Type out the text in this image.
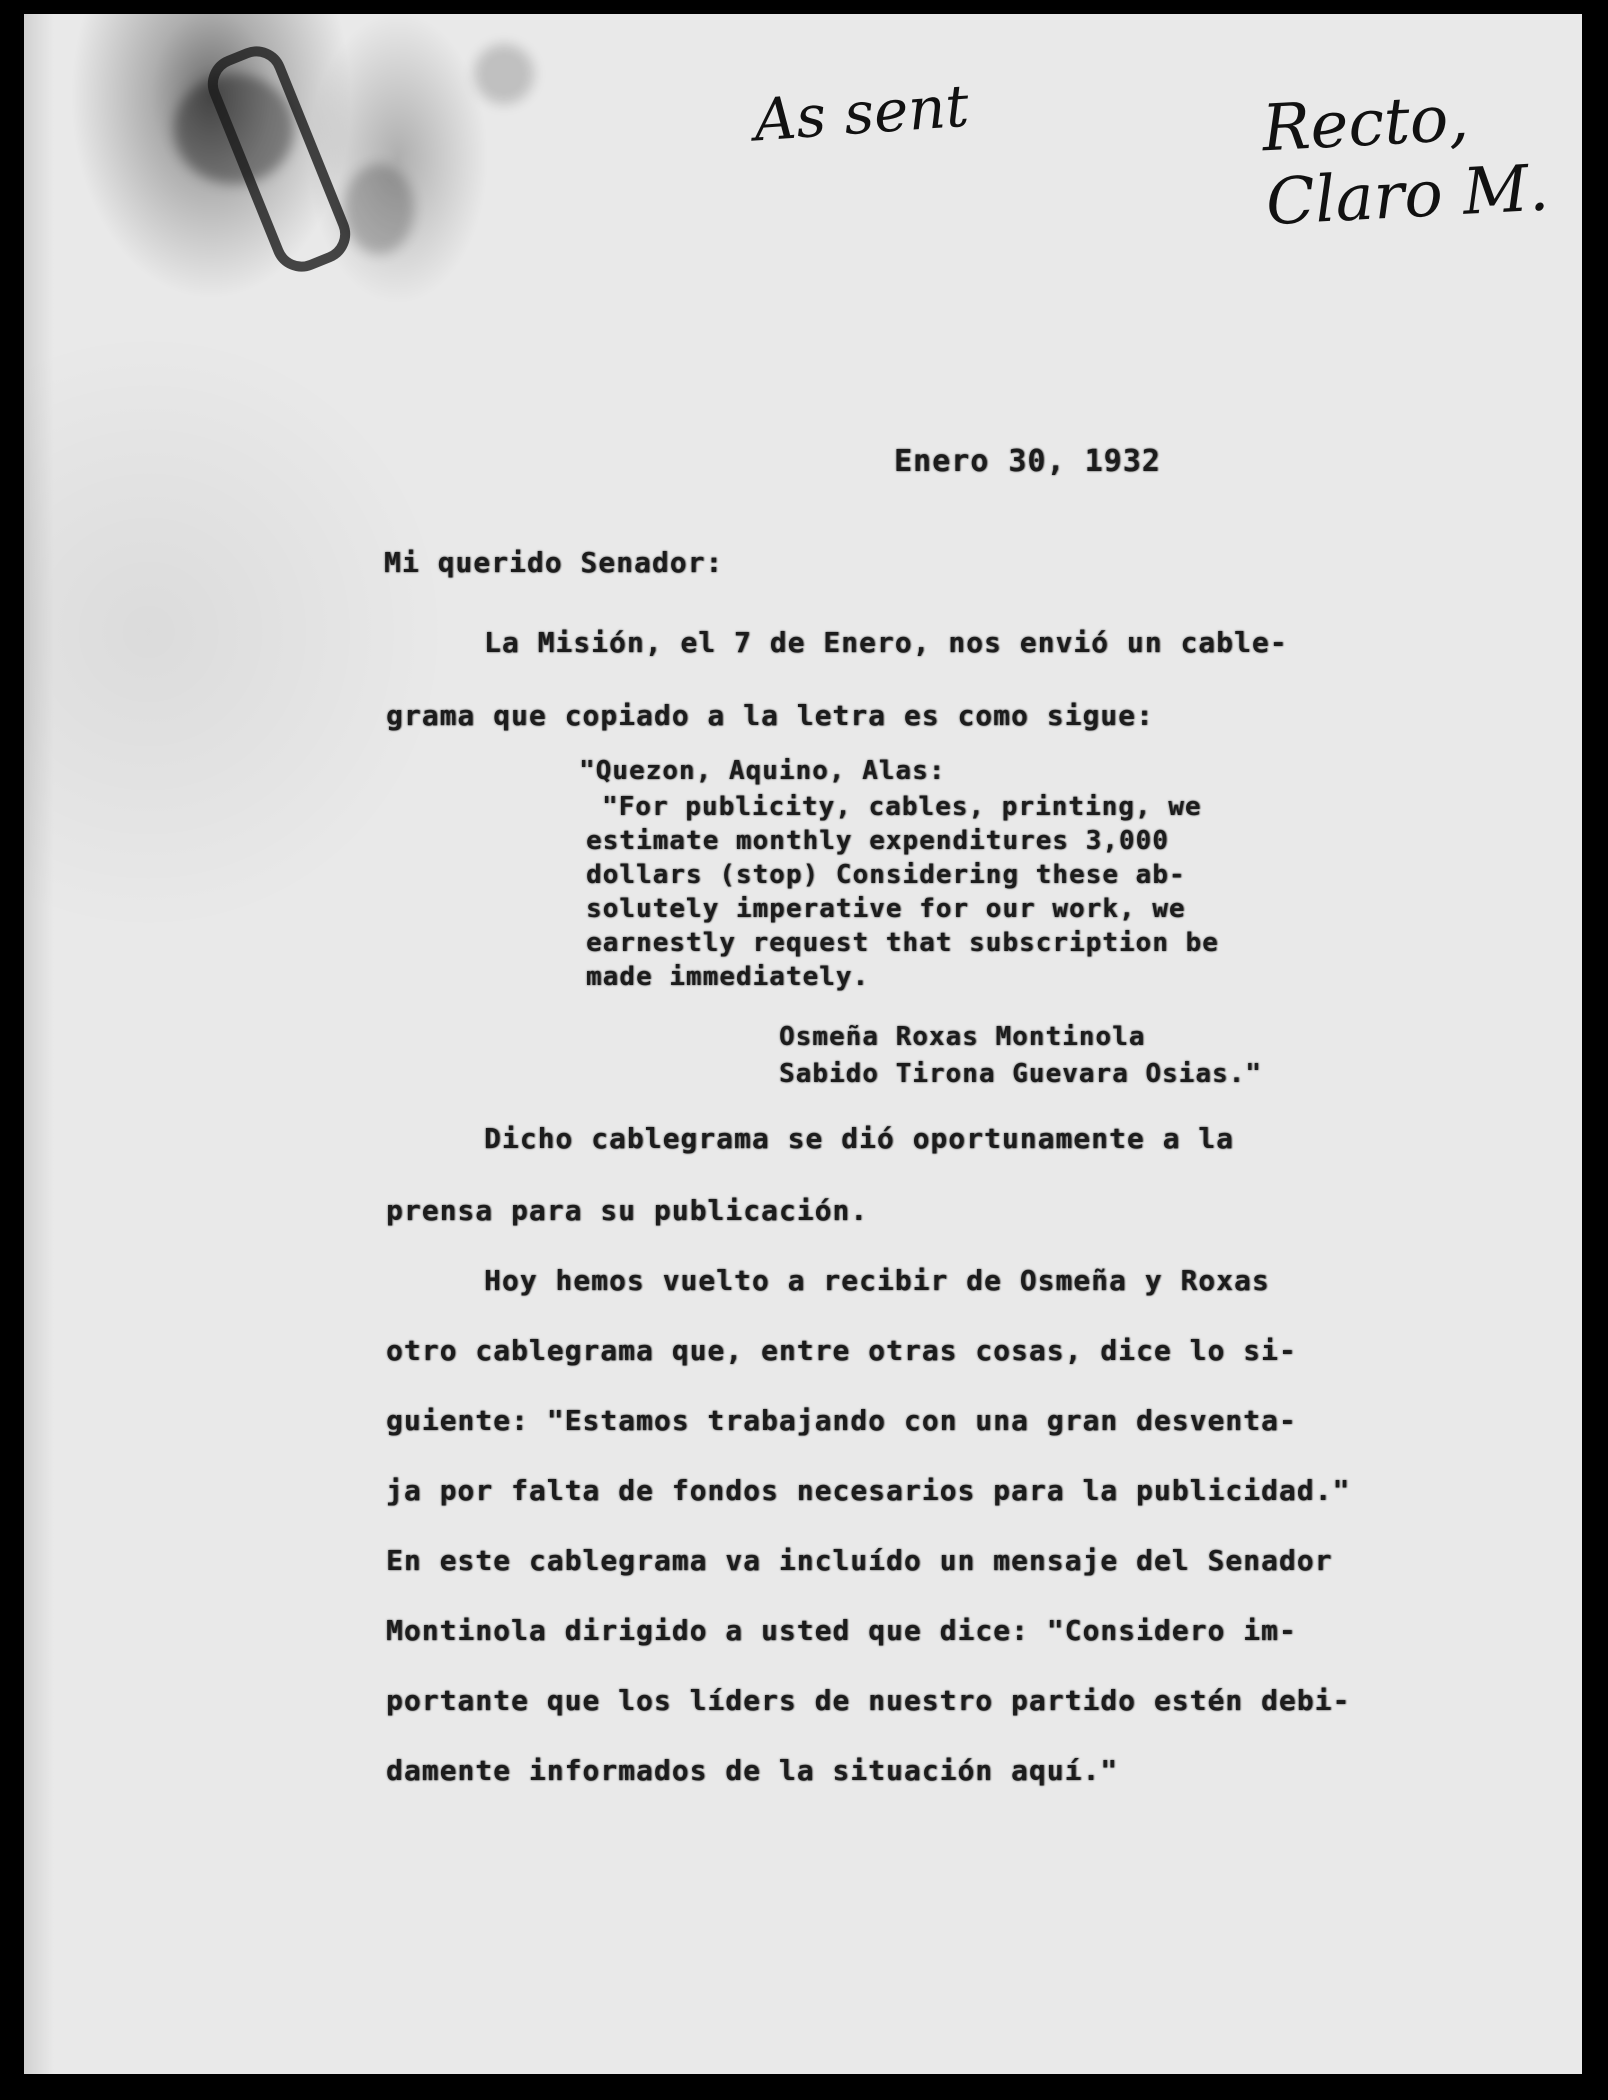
As sent	Recto, Claro M.
Enero 30, 1932
Mi querido Senador:
La Misión, el 7 de Enero, nos envió un cable-
grama que copiado a la letra es como sigue:
"Quezon, Aquino, Alas:
"For publicity, cables, printing, we
estimate monthly expenditures 3,000
dollars (stop) Considering these ab-
solutely imperative for our work, we
earnestly request that subscription be
made immediately.
Osmeña Roxas Montinola
Sabido Tirona Guevara Osias."
Dicho cablegrama se dió oportunamente a la
prensa para su publicación.
Hoy hemos vuelto a recibir de Osmeña y Roxas
otro cablegrama que, entre otras cosas, dice lo si-
guiente: "Estamos trabajando con una gran desventa-
ja por falta de fondos necesarios para la publicidad."
En este cablegrama va incluído un mensaje del Senador
Montinola dirigido a usted que dice: "Considero im-
portante que los líders de nuestro partido estén debi-
damente informados de la situación aquí."
